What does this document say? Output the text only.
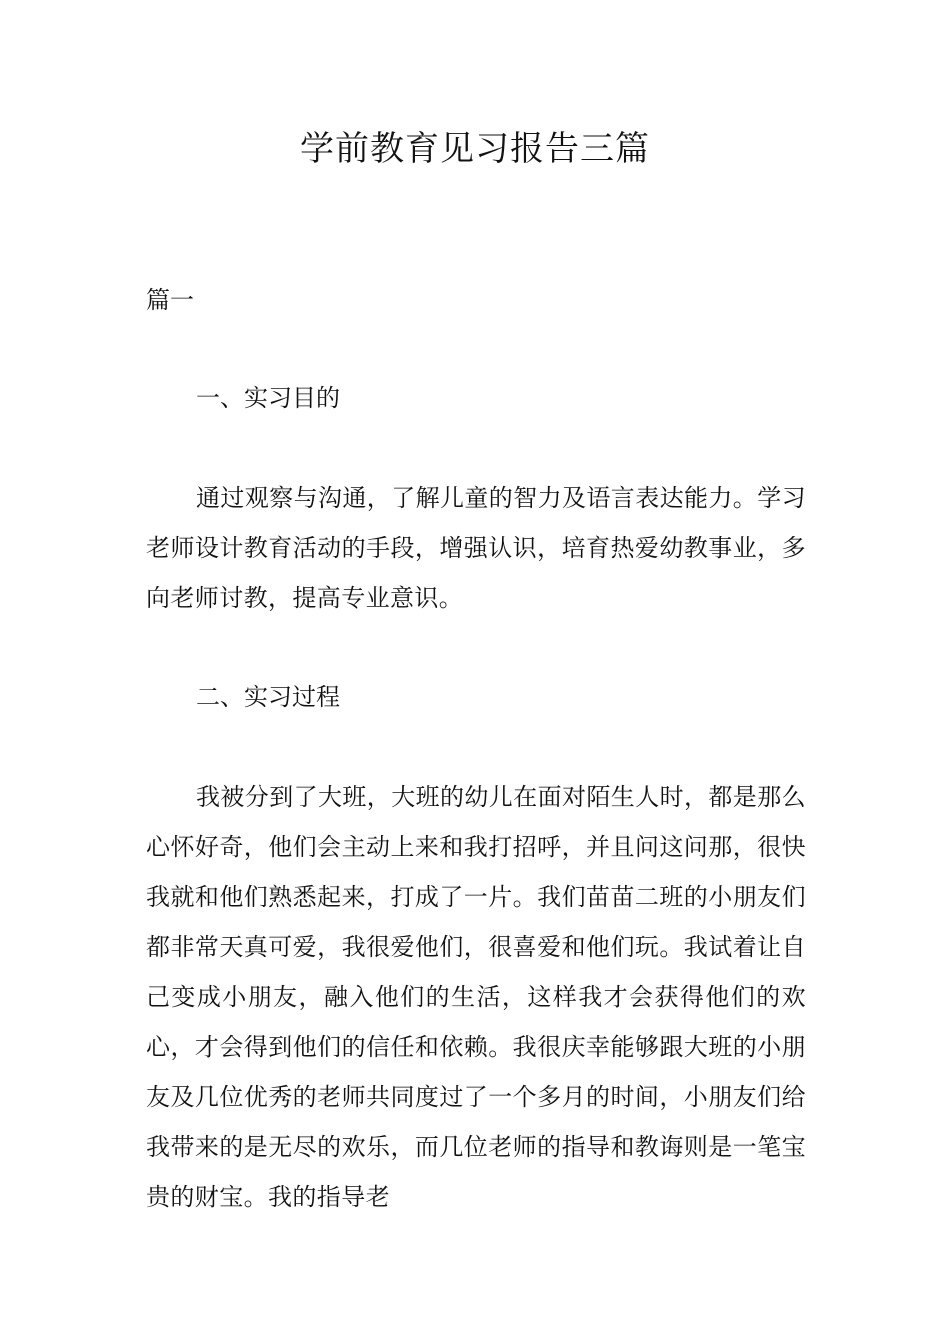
学前教育见习报告三篇
篇一
一、实习目的

通过观察与沟通，了解儿童的智力及语言表达能力。学习老师设计教育活动的手段，增强认识，培育热爱幼教事业，多向老师讨教，提高专业意识。

二、实习过程

我被分到了大班，大班的幼儿在面对陌生人时，都是那么心怀好奇，他们会主动上来和我打招呼，并且问这问那，很快我就和他们熟悉起来，打成了一片。我们苗苗二班的小朋友们都非常天真可爱，我很爱他们，很喜爱和他们玩。我试着让自己变成小朋友，融入他们的生活，这样我才会获得他们的欢心，才会得到他们的信任和依赖。我很庆幸能够跟大班的小朋友及几位优秀的老师共同度过了一个多月的时间，小朋友们给我带来的是无尽的欢乐，而几位老师的指导和教诲则是一笔宝贵的财宝。我的指导老
